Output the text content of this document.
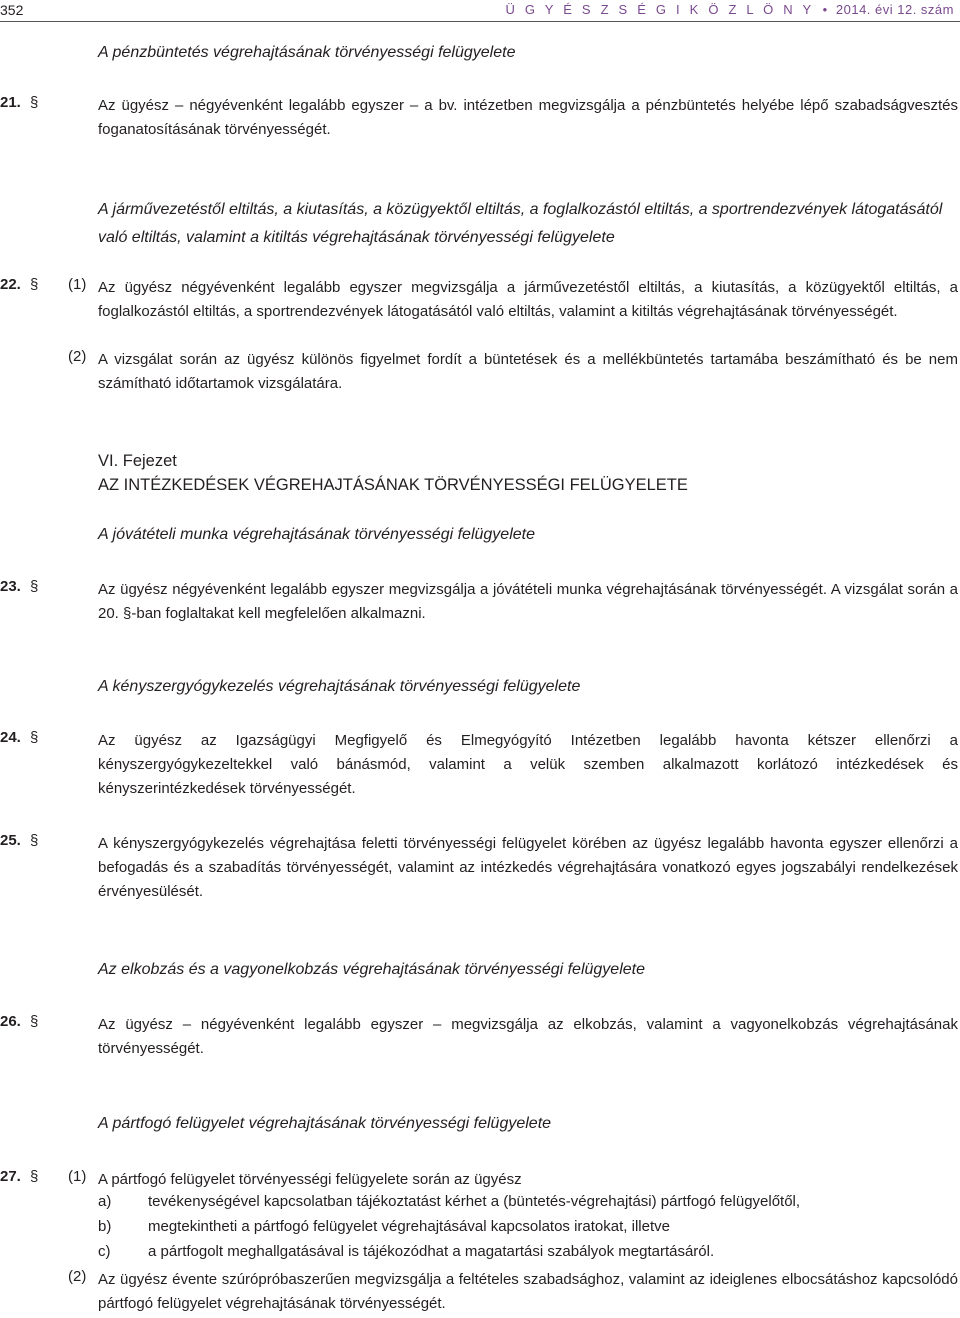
352	Ü G Y É S Z S É G I K Ö Z L Ö N Y • 2014. évi 12. szám
A pénzbüntetés végrehajtásának törvényességi felügyelete
21. §	Az ügyész – négyévenként legalább egyszer – a bv. intézetben megvizsgálja a pénzbüntetés helyébe lépő szabadságvesztés foganatosításának törvényességét.
A járművezetéstől eltiltás, a kiutasítás, a közügyektől eltiltás, a foglalkozástól eltiltás, a sportrendezvények látogatásától való eltiltás, valamint a kitiltás végrehajtásának törvényességi felügyelete
22. § (1) Az ügyész négyévenként legalább egyszer megvizsgálja a járművezetéstől eltiltás, a kiutasítás, a közügyektől eltiltás, a foglalkozástól eltiltás, a sportrendezvények látogatásától való eltiltás, valamint a kitiltás végrehajtásának törvényességét.
(2) A vizsgálat során az ügyész különös figyelmet fordít a büntetések és a mellékbüntetés tartamába beszámítható és be nem számítható időtartamok vizsgálatára.
VI. Fejezet
AZ INTÉZKEDÉSEK VÉGREHAJTÁSÁNAK TÖRVÉNYESSÉGI FELÜGYELETE
A jóvátételi munka végrehajtásának törvényességi felügyelete
23. §	Az ügyész négyévenként legalább egyszer megvizsgálja a jóvátételi munka végrehajtásának törvényességét. A vizsgálat során a 20. §-ban foglaltakat kell megfelelően alkalmazni.
A kényszergyógykezelés végrehajtásának törvényességi felügyelete
24. §	Az ügyész az Igazságügyi Megfigyelő és Elmegyógyító Intézetben legalább havonta kétszer ellenőrzi a kényszergyógykezeltekkel való bánásmód, valamint a velük szemben alkalmazott korlátozó intézkedések és kényszerintézkedések törvényességét.
25. §	A kényszergyógykezelés végrehajtása feletti törvényességi felügyelet körében az ügyész legalább havonta egyszer ellenőrzi a befogadás és a szabadítás törvényességét, valamint az intézkedés végrehajtására vonatkozó egyes jogszabályi rendelkezések érvényesülését.
Az elkobzás és a vagyonelkobzás végrehajtásának törvényességi felügyelete
26. §	Az ügyész – négyévenként legalább egyszer – megvizsgálja az elkobzás, valamint a vagyonelkobzás végrehajtásának törvényességét.
A pártfogó felügyelet végrehajtásának törvényességi felügyelete
27. § (1) A pártfogó felügyelet törvényességi felügyelete során az ügyész
a) tevékenységével kapcsolatban tájékoztatást kérhet a (büntetés-végrehajtási) pártfogó felügyelőtől,
b) megtekintheti a pártfogó felügyelet végrehajtásával kapcsolatos iratokat, illetve
c)	a pártfogolt meghallgatásával is tájékozódhat a magatartási szabályok megtartásáról.
(2) Az ügyész évente szúrópróbaszerűen megvizsgálja a feltételes szabadsághoz, valamint az ideiglenes elbocsátáshoz kapcsolódó pártfogó felügyelet végrehajtásának törvényességét.
